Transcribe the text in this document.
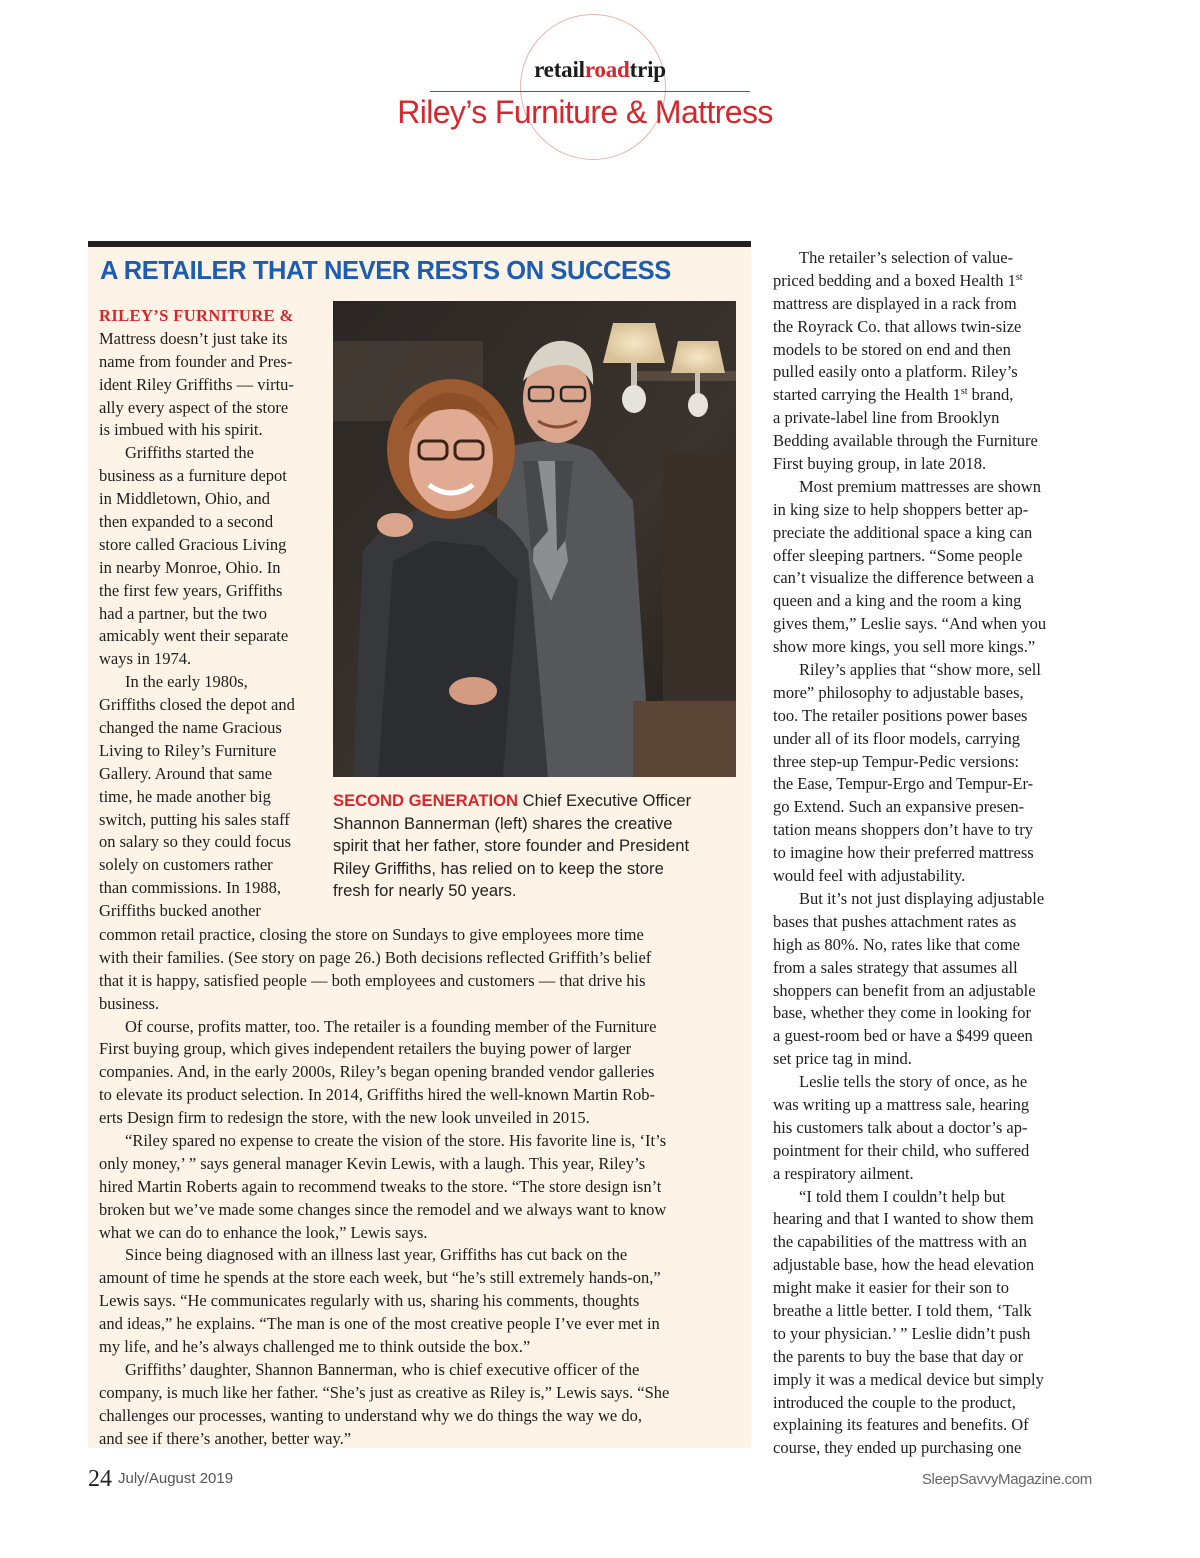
retailroadtrip
Riley’s Furniture & Mattress
A RETAILER THAT NEVER RESTS ON SUCCESS
RILEY’S FURNITURE &
Mattress doesn’t just take its
name from founder and Pres-
ident Riley Griffiths — virtu-
ally every aspect of the store
is imbued with his spirit.
Griffiths started the
business as a furniture depot
in Middletown, Ohio, and
then expanded to a second
store called Gracious Living
in nearby Monroe, Ohio. In
the first few years, Griffiths
had a partner, but the two
amicably went their separate
ways in 1974.
In the early 1980s,
Griffiths closed the depot and
changed the name Gracious
Living to Riley’s Furniture
Gallery. Around that same
time, he made another big
switch, putting his sales staff
on salary so they could focus
solely on customers rather
than commissions. In 1988,
Griffiths bucked another
SECOND GENERATION Chief Executive Officer
Shannon Bannerman (left) shares the creative
spirit that her father, store founder and President
Riley Griffiths, has relied on to keep the store
fresh for nearly 50 years.
common retail practice, closing the store on Sundays to give employees more time
with their families. (See story on page 26.) Both decisions reflected Griffith’s belief
that it is happy, satisfied people — both employees and customers — that drive his
business.
Of course, profits matter, too. The retailer is a founding member of the Furniture
First buying group, which gives independent retailers the buying power of larger
companies. And, in the early 2000s, Riley’s began opening branded vendor galleries
to elevate its product selection. In 2014, Griffiths hired the well-known Martin Rob-
erts Design firm to redesign the store, with the new look unveiled in 2015.
“Riley spared no expense to create the vision of the store. His favorite line is, ‘It’s
only money,’ ” says general manager Kevin Lewis, with a laugh. This year, Riley’s
hired Martin Roberts again to recommend tweaks to the store. “The store design isn’t
broken but we’ve made some changes since the remodel and we always want to know
what we can do to enhance the look,” Lewis says.
Since being diagnosed with an illness last year, Griffiths has cut back on the
amount of time he spends at the store each week, but “he’s still extremely hands-on,”
Lewis says. “He communicates regularly with us, sharing his comments, thoughts
and ideas,” he explains. “The man is one of the most creative people I’ve ever met in
my life, and he’s always challenged me to think outside the box.”
Griffiths’ daughter, Shannon Bannerman, who is chief executive officer of the
company, is much like her father. “She’s just as creative as Riley is,” Lewis says. “She
challenges our processes, wanting to understand why we do things the way we do,
and see if there’s another, better way.”
The retailer’s selection of value-
priced bedding and a boxed Health 1st
mattress are displayed in a rack from
the Royrack Co. that allows twin-size
models to be stored on end and then
pulled easily onto a platform. Riley’s
started carrying the Health 1st brand,
a private-label line from Brooklyn
Bedding available through the Furniture
First buying group, in late 2018.
Most premium mattresses are shown
in king size to help shoppers better ap-
preciate the additional space a king can
offer sleeping partners. “Some people
can’t visualize the difference between a
queen and a king and the room a king
gives them,” Leslie says. “And when you
show more kings, you sell more kings.”
Riley’s applies that “show more, sell
more” philosophy to adjustable bases,
too. The retailer positions power bases
under all of its floor models, carrying
three step-up Tempur-Pedic versions:
the Ease, Tempur-Ergo and Tempur-Er-
go Extend. Such an expansive presen-
tation means shoppers don’t have to try
to imagine how their preferred mattress
would feel with adjustability.
But it’s not just displaying adjustable
bases that pushes attachment rates as
high as 80%. No, rates like that come
from a sales strategy that assumes all
shoppers can benefit from an adjustable
base, whether they come in looking for
a guest-room bed or have a $499 queen
set price tag in mind.
Leslie tells the story of once, as he
was writing up a mattress sale, hearing
his customers talk about a doctor’s ap-
pointment for their child, who suffered
a respiratory ailment.
“I told them I couldn’t help but
hearing and that I wanted to show them
the capabilities of the mattress with an
adjustable base, how the head elevation
might make it easier for their son to
breathe a little better. I told them, ‘Talk
to your physician.’ ” Leslie didn’t push
the parents to buy the base that day or
imply it was a medical device but simply
introduced the couple to the product,
explaining its features and benefits. Of
course, they ended up purchasing one
24 July/August 2019	SleepSavvyMagazine.com
